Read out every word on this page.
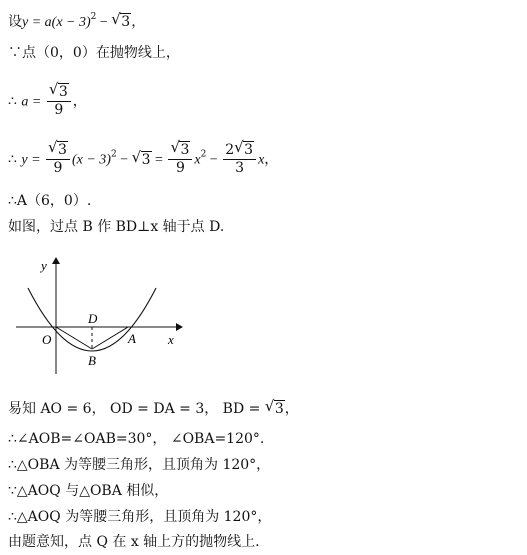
设$y = a(x - 3)^2$ − √ 3，
∵点（0，0）在抛物线上，
∴ $a = \frac{√ 3}{9}$ ，
∴ $y = \frac{√ 3}{9} (x - 3)^2$ − √ $3 = \frac{√ 3}{9} x^2 - \frac{2 √ 3}{3}$ x，
∴A（6，0）.
如图，过点 B 作 BD⊥x 轴于点 D.
y
x
O
D
A
B
易知 AO = 6， OD = DA = 3， BD = √ 3，
∴∠AOB=∠OAB=30°， ∠OBA=120°.
∴△OBA 为等腰三角形，且顶角为 120°，
∵△AOQ 与△OBA 相似，
∴△AOQ 为等腰三角形，且顶角为 120°，
由题意知，点 Q 在 x 轴上方的抛物线上.
